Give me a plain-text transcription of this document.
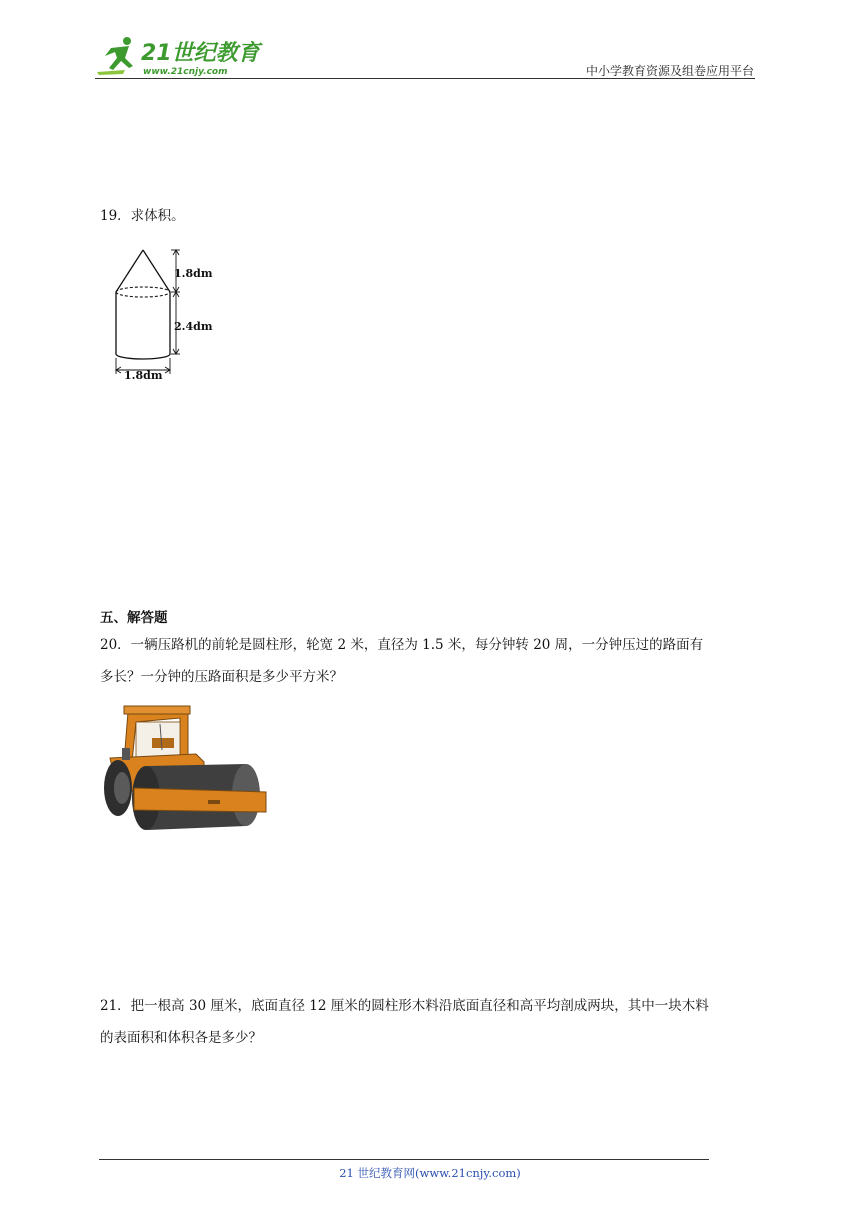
21世纪教育
www.21cnjy.com	中小学教育资源及组卷应用平台

19．求体积。

1.8dm
2.4dm
1.8dm
五、解答题

20．一辆压路机的前轮是圆柱形，轮宽 2 米，直径为 1.5 米，每分钟转 20 周，一分钟压过的路面有

多长？一分钟的压路面积是多少平方米？

21．把一根高 30 厘米，底面直径 12 厘米的圆柱形木料沿底面直径和高平均剖成两块，其中一块木料

的表面积和体积各是多少？

21 世纪教育网(www.21cnjy.com)
